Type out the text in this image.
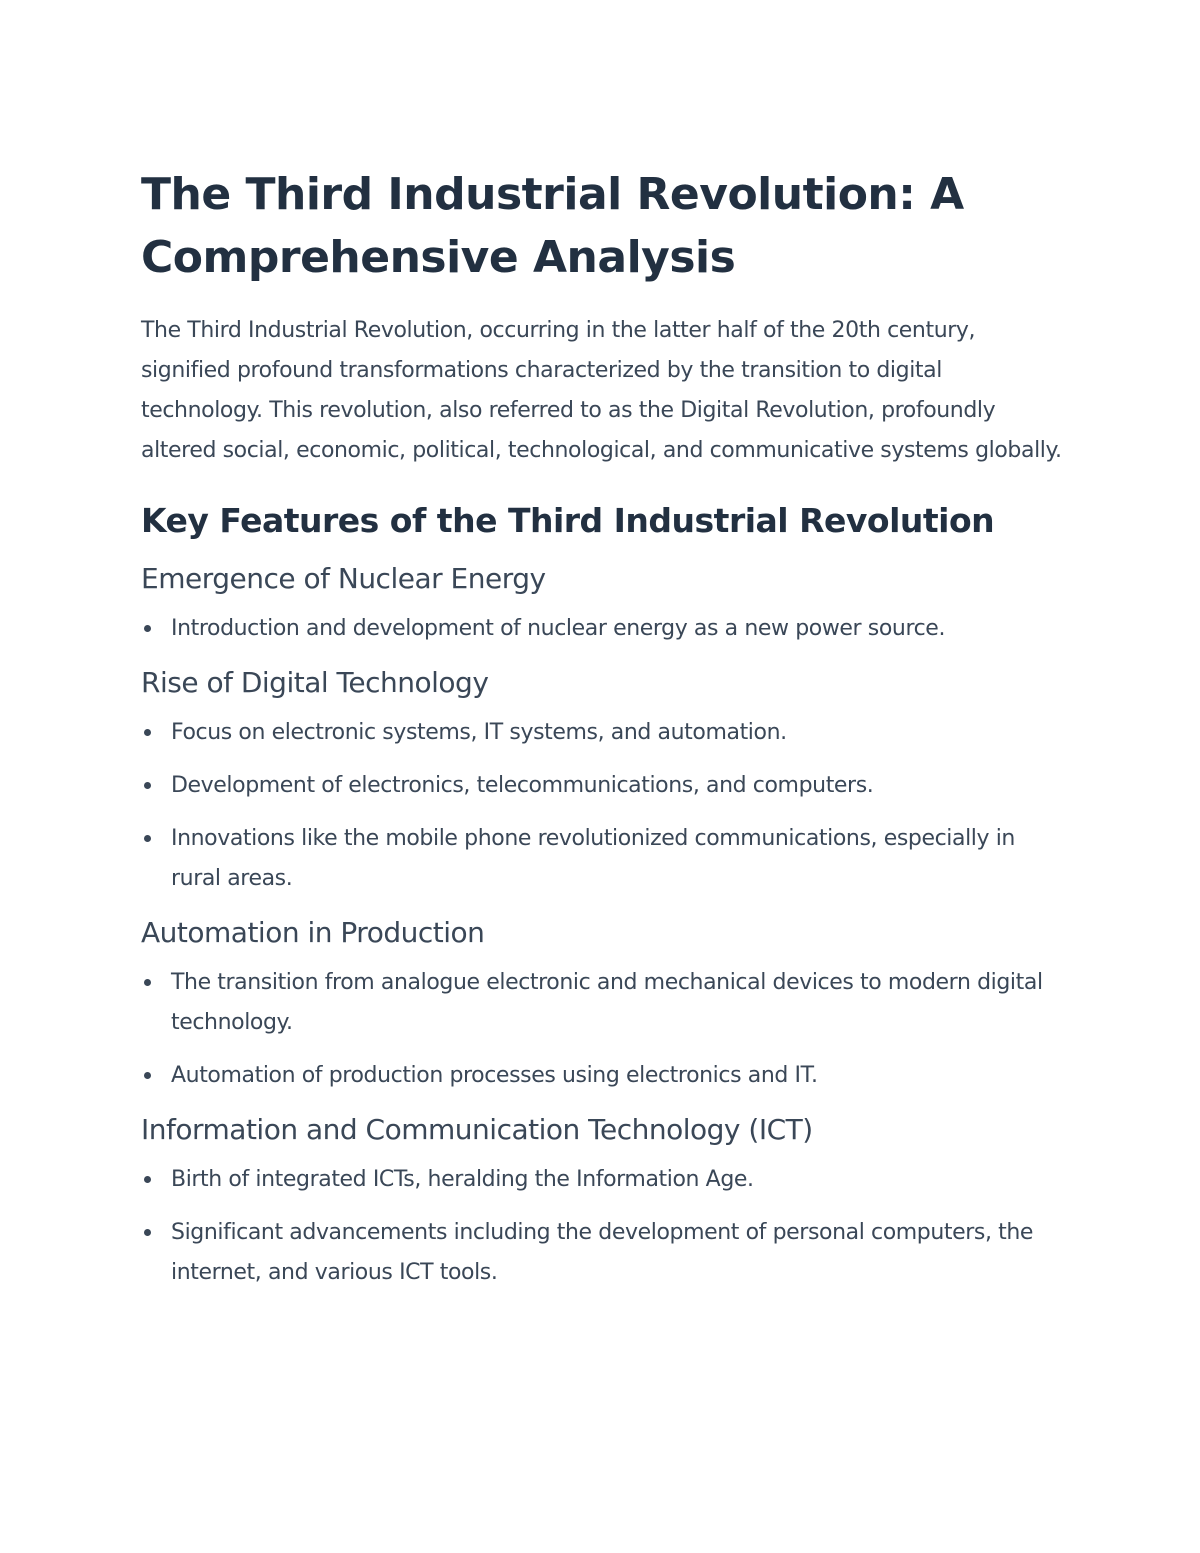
The Third Industrial Revolution: A Comprehensive Analysis

The Third Industrial Revolution, occurring in the latter half of the 20th century, signified profound transformations characterized by the transition to digital technology. This revolution, also referred to as the Digital Revolution, profoundly altered social, economic, political, technological, and communicative systems globally.

Key Features of the Third Industrial Revolution
Emergence of Nuclear Energy
Introduction and development of nuclear energy as a new power source.
Rise of Digital Technology
Focus on electronic systems, IT systems, and automation.
Development of electronics, telecommunications, and computers.
Innovations like the mobile phone revolutionized communications, especially in rural areas.
Automation in Production
The transition from analogue electronic and mechanical devices to modern digital technology.
Automation of production processes using electronics and IT.
Information and Communication Technology (ICT)
Birth of integrated ICTs, heralding the Information Age.
Significant advancements including the development of personal computers, the internet, and various ICT tools.
